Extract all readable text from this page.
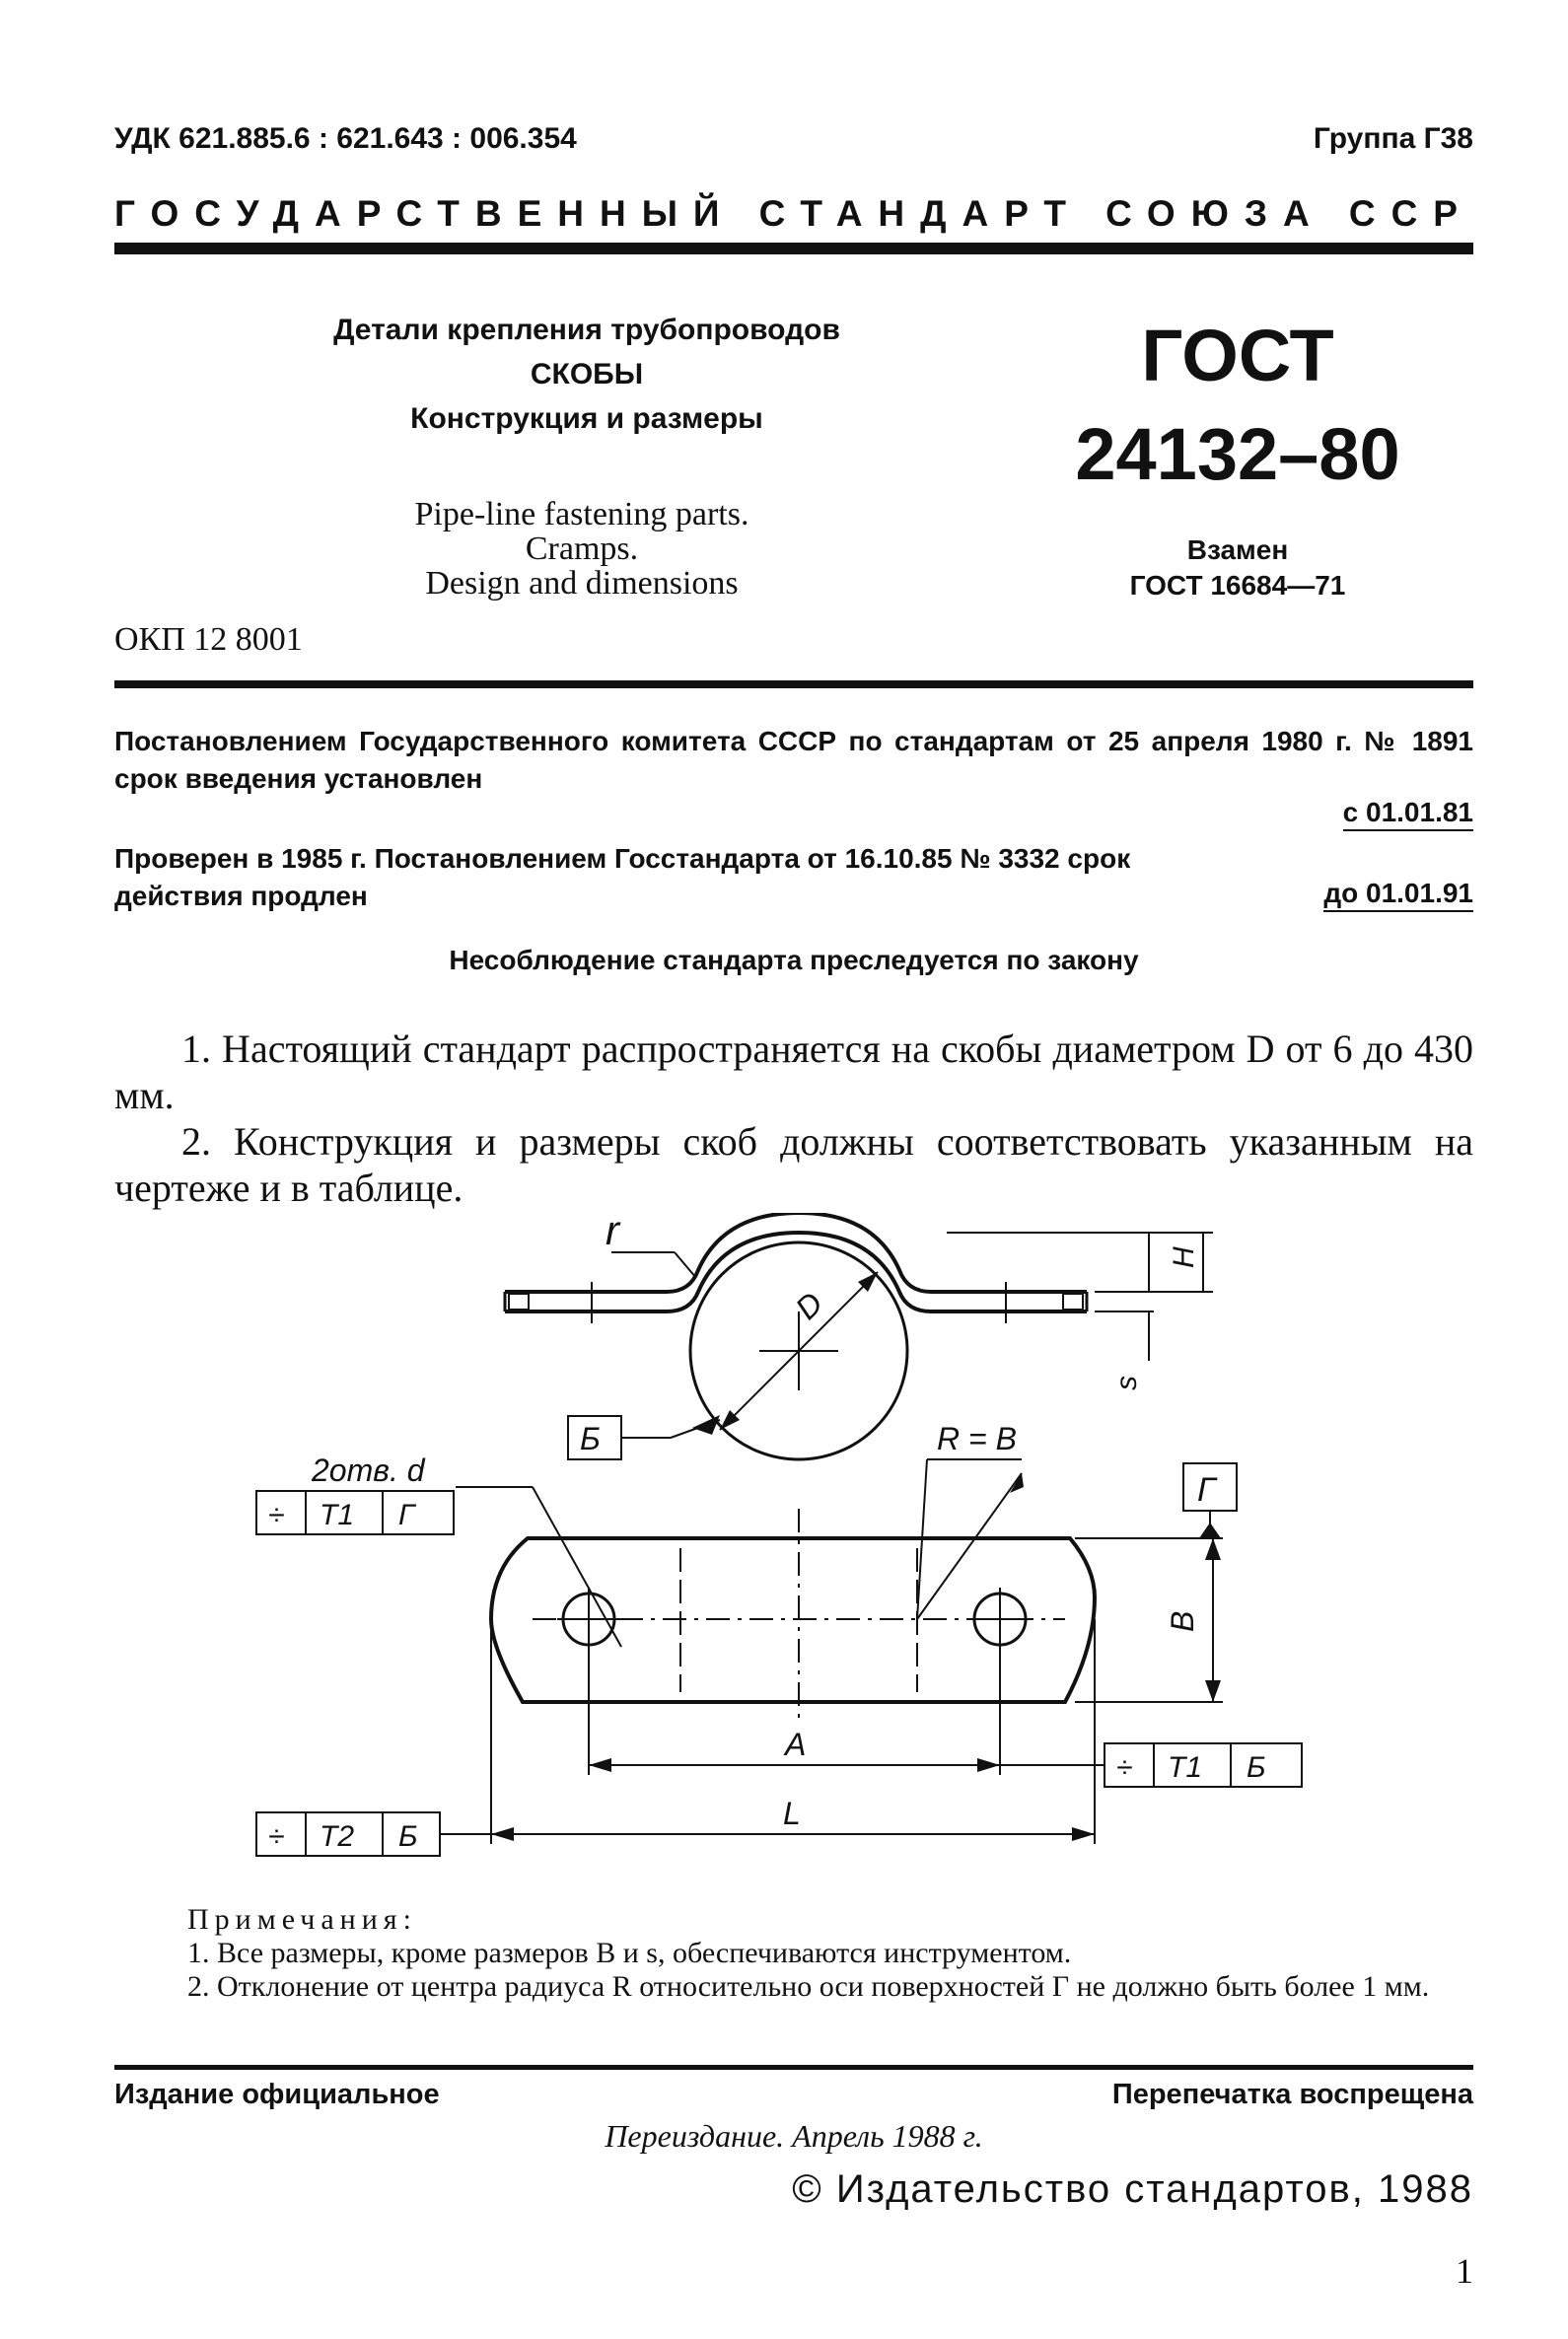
УДК 621.885.6 : 621.643 : 006.354	Группа Г38
ГОСУДАРСТВЕННЫЙ СТАНДАРТ СОЮЗА ССР
Детали крепления трубопроводов
СКОБЫ
Конструкция и размеры
ГОСТ
24132–80
Pipe-line fastening parts.
Cramps.
Design and dimensions
Взамен
ГОСТ 16684—71
ОКП 12 8001
Постановлением Государственного комитета СССР по стандартам от 25 апреля 1980 г. № 1891 срок введения установлен
с 01.01.81
Проверен в 1985 г. Постановлением Госстандарта от 16.10.85 № 3332 срок действия продлен	до 01.01.91
Несоблюдение стандарта преследуется по закону
1. Настоящий стандарт распространяется на скобы диаметром D от 6 до 430 мм.
2. Конструкция и размеры скоб должны соответствовать указанным на чертеже и в таблице.
r
D
H
s
Б
2отв. d
R = B
Г
B
A
L
÷ T1 Г
÷ T1 Б
÷ T2 Б
Примечания:
1. Все размеры, кроме размеров B и s, обеспечиваются инструментом.
2. Отклонение от центра радиуса R относительно оси поверхностей Г не должно быть более 1 мм.
Издание официальное	Перепечатка воспрещена
Переиздание. Апрель 1988 г.
© Издательство стандартов, 1988
1
